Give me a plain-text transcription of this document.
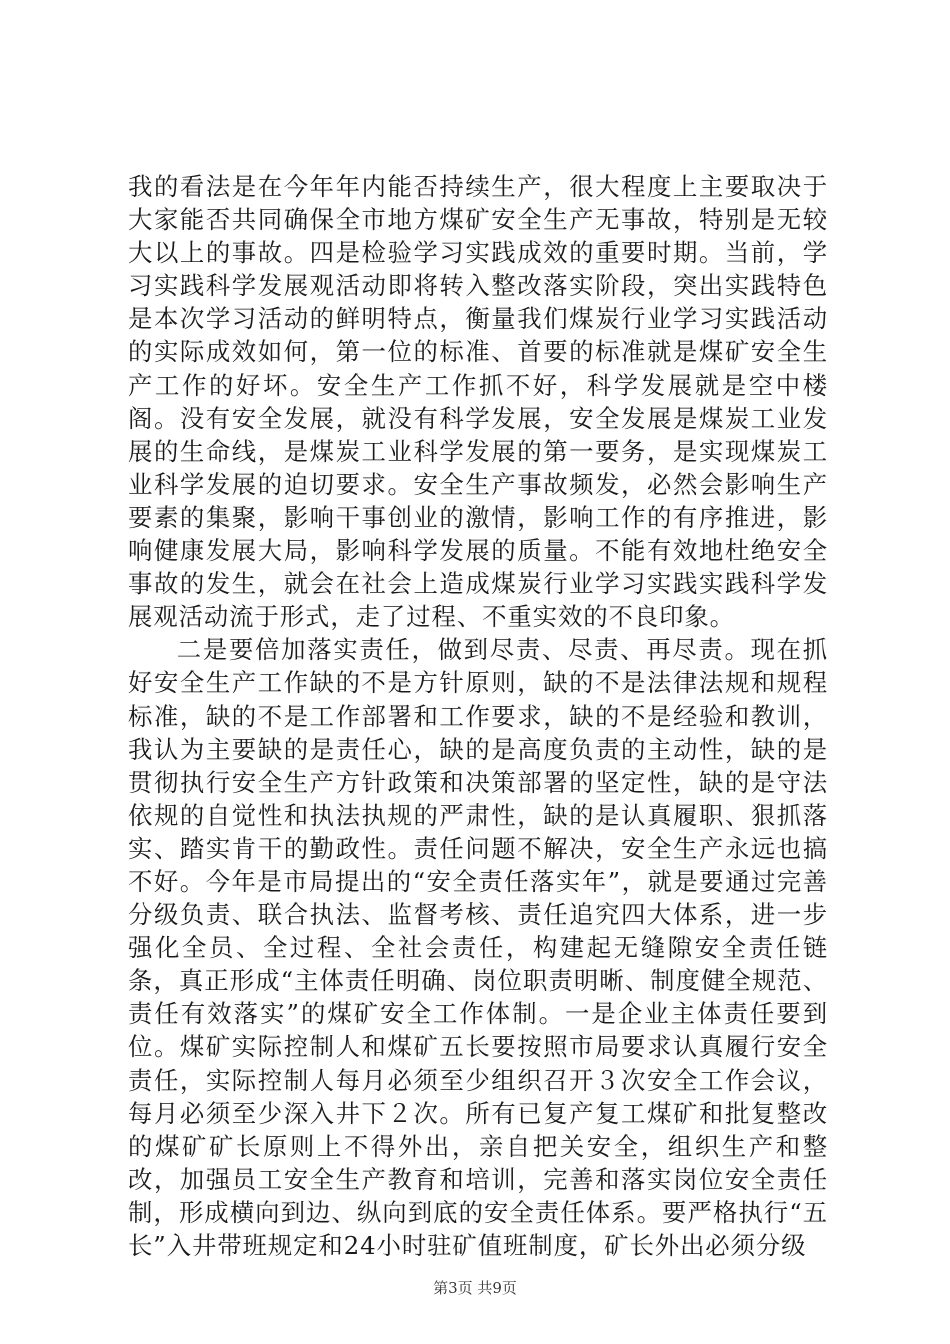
我的看法是在今年年内能否持续生产，很大程度上主要取决于大家能否共同确保全市地方煤矿安全生产无事故，特别是无较大以上的事故。四是检验学习实践成效的重要时期。当前，学习实践科学发展观活动即将转入整改落实阶段，突出实践特色是本次学习活动的鲜明特点，衡量我们煤炭行业学习实践活动的实际成效如何，第一位的标准、首要的标准就是煤矿安全生产工作的好坏。安全生产工作抓不好，科学发展就是空中楼阁。没有安全发展，就没有科学发展，安全发展是煤炭工业发展的生命线，是煤炭工业科学发展的第一要务，是实现煤炭工业科学发展的迫切要求。安全生产事故频发，必然会影响生产要素的集聚，影响干事创业的激情，影响工作的有序推进，影响健康发展大局，影响科学发展的质量。不能有效地杜绝安全事故的发生，就会在社会上造成煤炭行业学习实践实践科学发展观活动流于形式，走了过程、不重实效的不良印象。

二是要倍加落实责任，做到尽责、尽责、再尽责。现在抓好安全生产工作缺的不是方针原则，缺的不是法律法规和规程标准，缺的不是工作部署和工作要求，缺的不是经验和教训，我认为主要缺的是责任心，缺的是高度负责的主动性，缺的是贯彻执行安全生产方针政策和决策部署的坚定性，缺的是守法依规的自觉性和执法执规的严肃性，缺的是认真履职、狠抓落实、踏实肯干的勤政性。责任问题不解决，安全生产永远也搞不好。今年是市局提出的“安全责任落实年”，就是要通过完善分级负责、联合执法、监督考核、责任追究四大体系，进一步强化全员、全过程、全社会责任，构建起无缝隙安全责任链条，真正形成“主体责任明确、岗位职责明晰、制度健全规范、责任有效落实”的煤矿安全工作体制。一是企业主体责任要到位。煤矿实际控制人和煤矿五长要按照市局要求认真履行安全责任，实际控制人每月必须至少组织召开３次安全工作会议，每月必须至少深入井下２次。所有已复产复工煤矿和批复整改的煤矿矿长原则上不得外出，亲自把关安全，组织生产和整改，加强员工安全生产教育和培训，完善和落实岗位安全责任制，形成横向到边、纵向到底的安全责任体系。要严格执行“五长”入井带班规定和24小时驻矿值班制度，矿长外出必须分级

第3页 共9页
